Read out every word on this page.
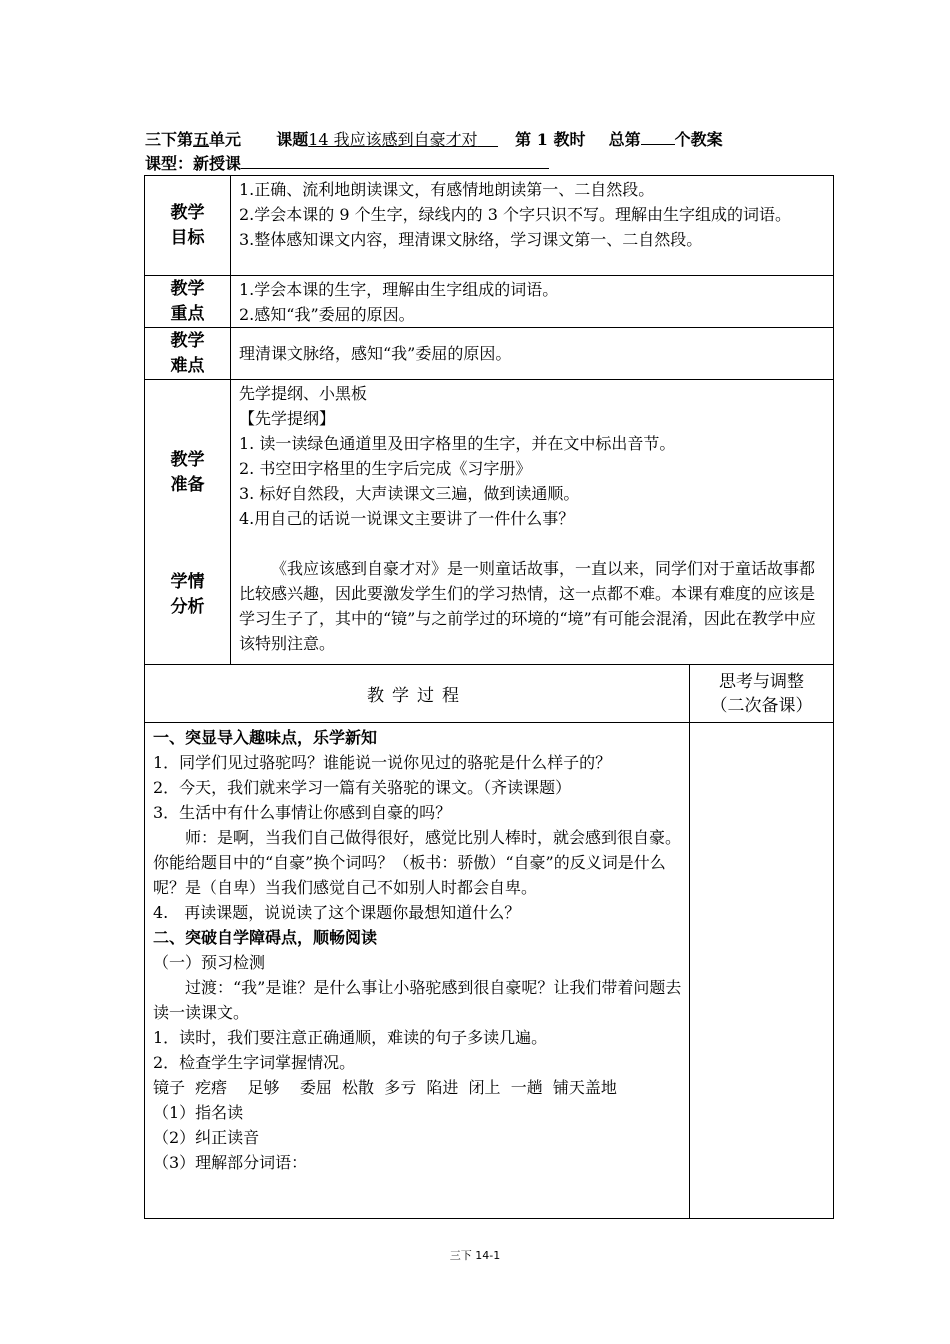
三下第五单元 课题14 我应该感到自豪才对 第 1 教时 总第 个教案
课型：新授课
教学
目标

1.正确、流利地朗读课文，有感情地朗读第一、二自然段。

2.学会本课的 9 个生字，绿线内的 3 个字只识不写。理解由生字组成的词语。

3.整体感知课文内容，理清课文脉络，学习课文第一、二自然段。

教学
重点

1.学会本课的生字，理解由生字组成的词语。

2.感知“我”委屈的原因。

教学
难点

理清课文脉络，感知“我”委屈的原因。

教学
准备
学情
分析

先学提纲、小黑板

【先学提纲】

1. 读一读绿色通道里及田字格里的生字，并在文中标出音节。

2. 书空田字格里的生字后完成《习字册》

3. 标好自然段，大声读课文三遍，做到读通顺。

4.用自己的话说一说课文主要讲了一件什么事？

《我应该感到自豪才对》是一则童话故事，一直以来，同学们对于童话故事都比较感兴趣，因此要激发学生们的学习热情，这一点都不难。本课有难度的应该是学习生子了，其中的“镜”与之前学过的环境的“境”有可能会混淆，因此在教学中应该特别注意。

教学过程
思考与调整
（二次备课）

一、突显导入趣味点，乐学新知

1．同学们见过骆驼吗？谁能说一说你见过的骆驼是什么样子的？

2．今天，我们就来学习一篇有关骆驼的课文。（齐读课题）

3．生活中有什么事情让你感到自豪的吗？

师：是啊，当我们自己做得很好，感觉比别人棒时，就会感到很自豪。你能给题目中的“自豪”换个词吗？（板书：骄傲）“自豪”的反义词是什么呢？是（自卑）当我们感觉自己不如别人时都会自卑。

4.　再读课题，说说读了这个课题你最想知道什么？

二、突破自学障碍点，顺畅阅读

（一）预习检测

过渡：“我”是谁？是什么事让小骆驼感到很自豪呢？让我们带着问题去读一读课文。

1．读时，我们要注意正确通顺，难读的句子多读几遍。

2．检查学生字词掌握情况。

镜子  疙瘩    足够    委屈  松散  多亏  陷进  闭上  一趟  铺天盖地

（1）指名读

（2）纠正读音

（3）理解部分词语：

三下 14-1
